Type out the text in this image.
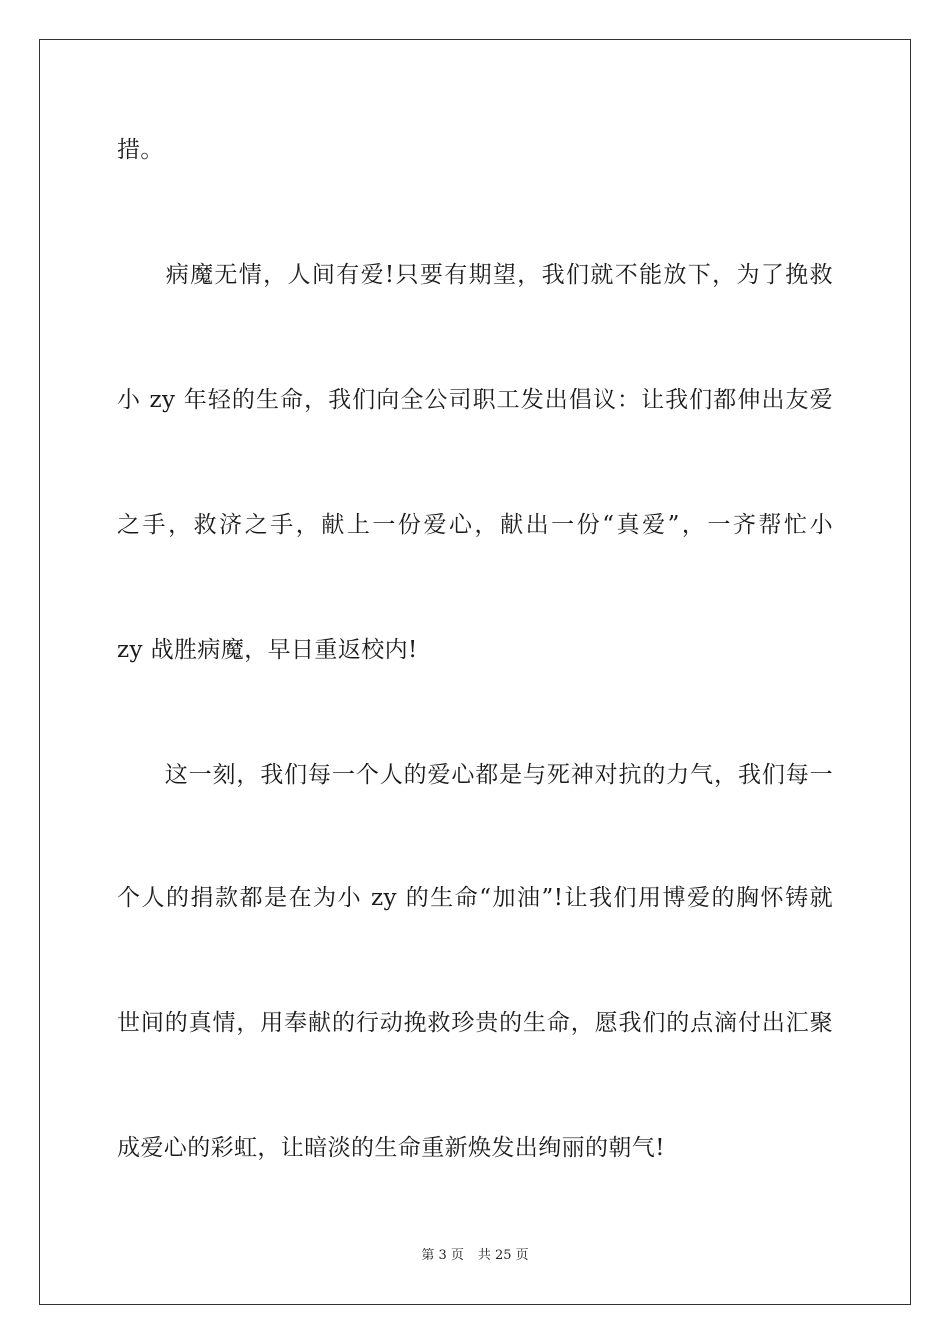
措。
　　病魔无情，人间有爱!只要有期望，我们就不能放下，为了挽救
小 zy 年轻的生命，我们向全公司职工发出倡议：让我们都伸出友爱
之手，救济之手，献上一份爱心，献出一份“真爱”，一齐帮忙小
zy 战胜病魔，早日重返校内!
　　这一刻，我们每一个人的爱心都是与死神对抗的力气，我们每一
个人的捐款都是在为小 zy 的生命“加油”!让我们用博爱的胸怀铸就
世间的真情，用奉献的行动挽救珍贵的生命，愿我们的点滴付出汇聚
成爱心的彩虹，让暗淡的生命重新焕发出绚丽的朝气!
第 3 页 共 25 页
